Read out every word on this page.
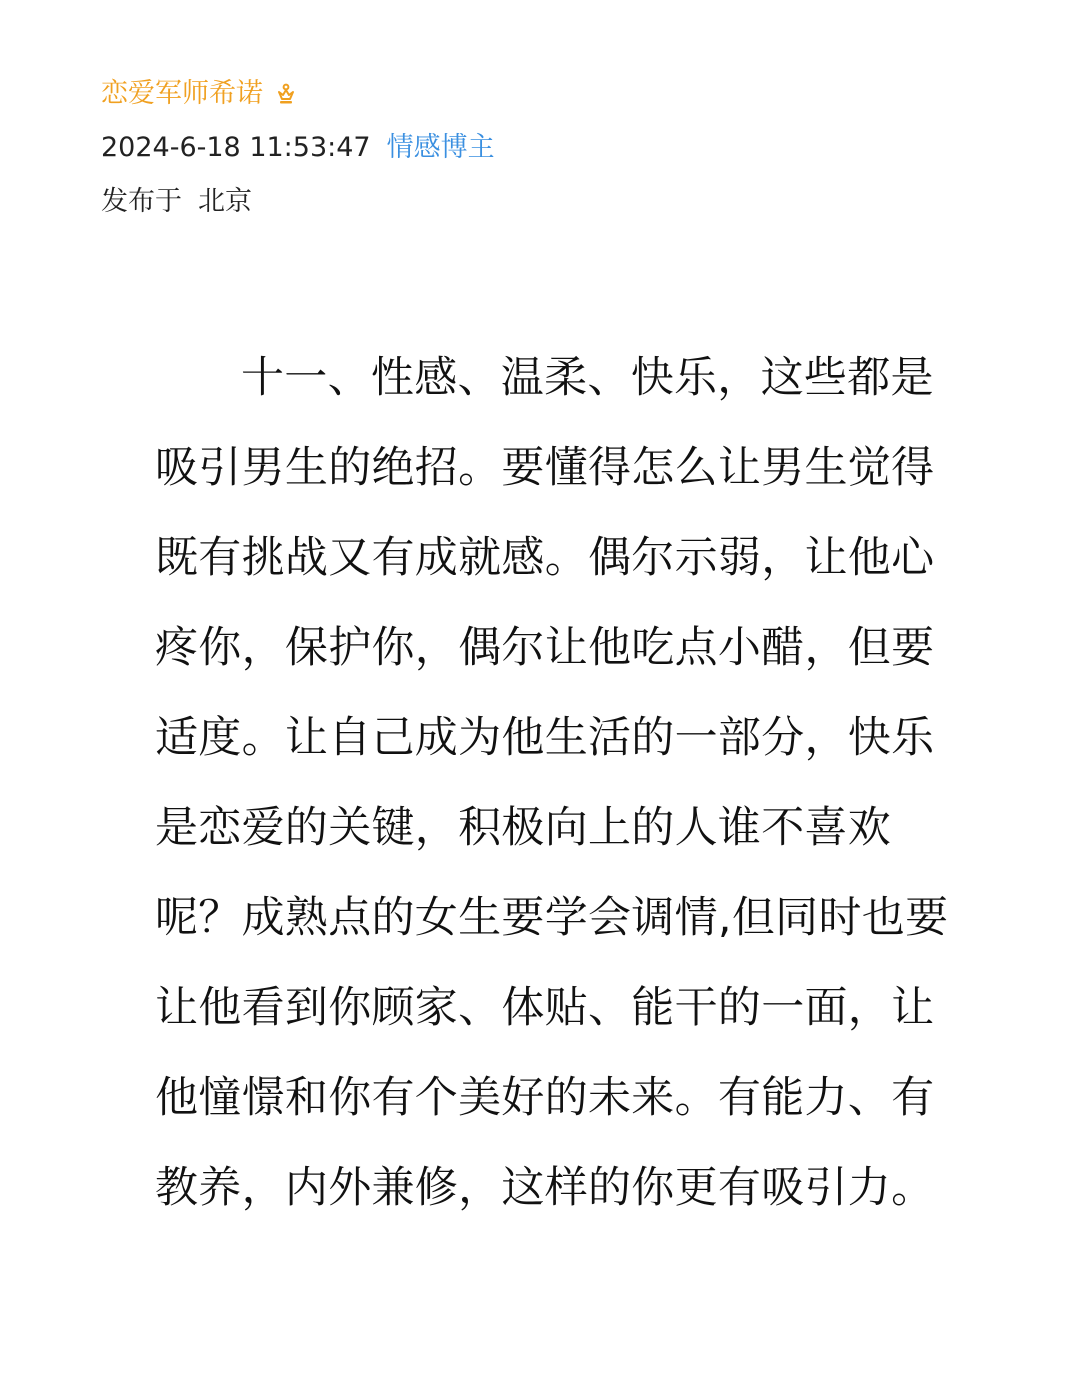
恋爱军师希诺
2024-6-18 11:53:47 情感博主
发布于 北京

十一、性感、温柔、快乐，这些都是吸引男生的绝招。要懂得怎么让男生觉得既有挑战又有成就感。偶尔示弱，让他心疼你，保护你，偶尔让他吃点小醋，但要适度。让自己成为他生活的一部分，快乐是恋爱的关键，积极向上的人谁不喜欢呢？成熟点的女生要学会调情,但同时也要让他看到你顾家、体贴、能干的一面，让他憧憬和你有个美好的未来。有能力、有教养，内外兼修，这样的你更有吸引力。
